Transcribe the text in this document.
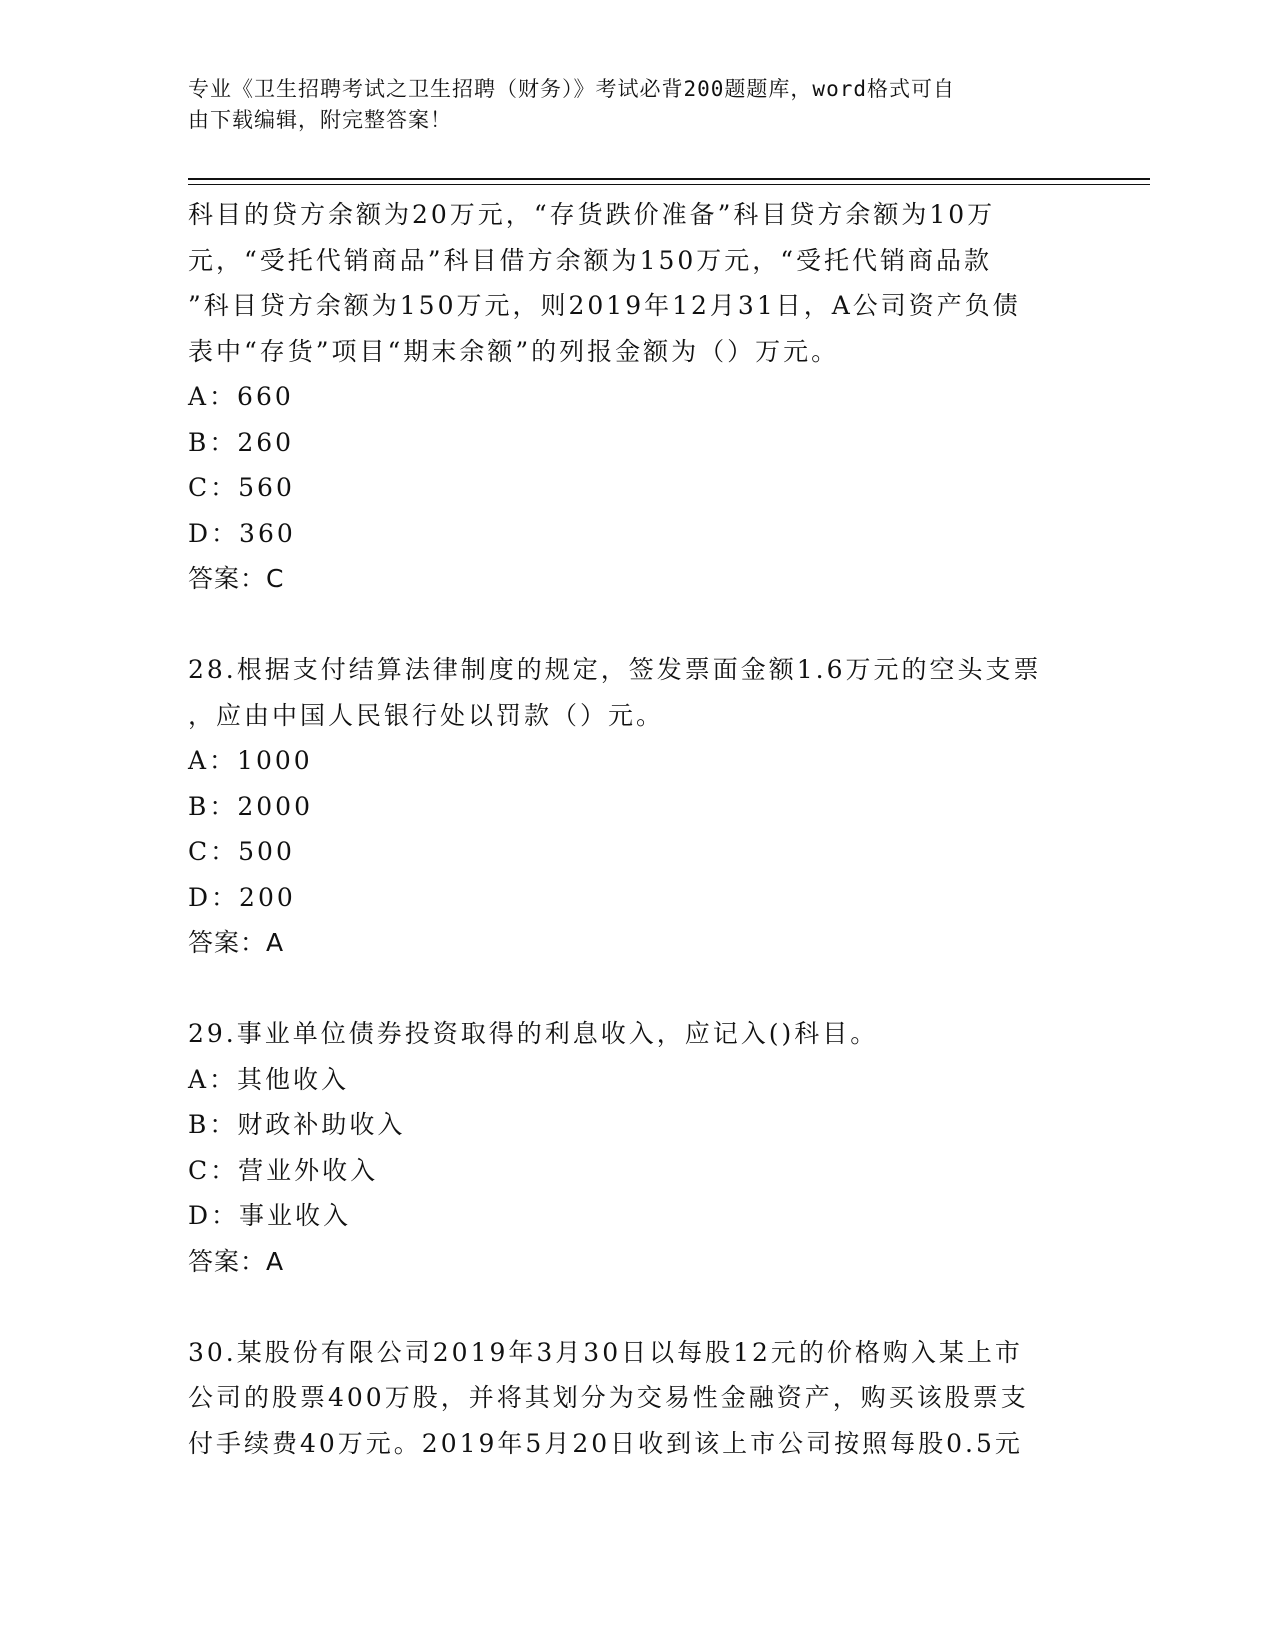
专业《卫生招聘考试之卫生招聘（财务）》考试必背200题题库，word格式可自
由下载编辑，附完整答案！
科目的贷方余额为20万元，“存货跌价准备”科目贷方余额为10万
元，“受托代销商品”科目借方余额为150万元，“受托代销商品款
”科目贷方余额为150万元，则2019年12月31日，A公司资产负债
表中“存货”项目“期末余额”的列报金额为（）万元。
A：660
B：260
C：560
D：360
答案：C
28.根据支付结算法律制度的规定，签发票面金额1.6万元的空头支票
，应由中国人民银行处以罚款（）元。
A：1000
B：2000
C：500
D：200
答案：A
29.事业单位债券投资取得的利息收入，应记入()科目。
A：其他收入
B：财政补助收入
C：营业外收入
D：事业收入
答案：A
30.某股份有限公司2019年3月30日以每股12元的价格购入某上市
公司的股票400万股，并将其划分为交易性金融资产，购买该股票支
付手续费40万元。2019年5月20日收到该上市公司按照每股0.5元
